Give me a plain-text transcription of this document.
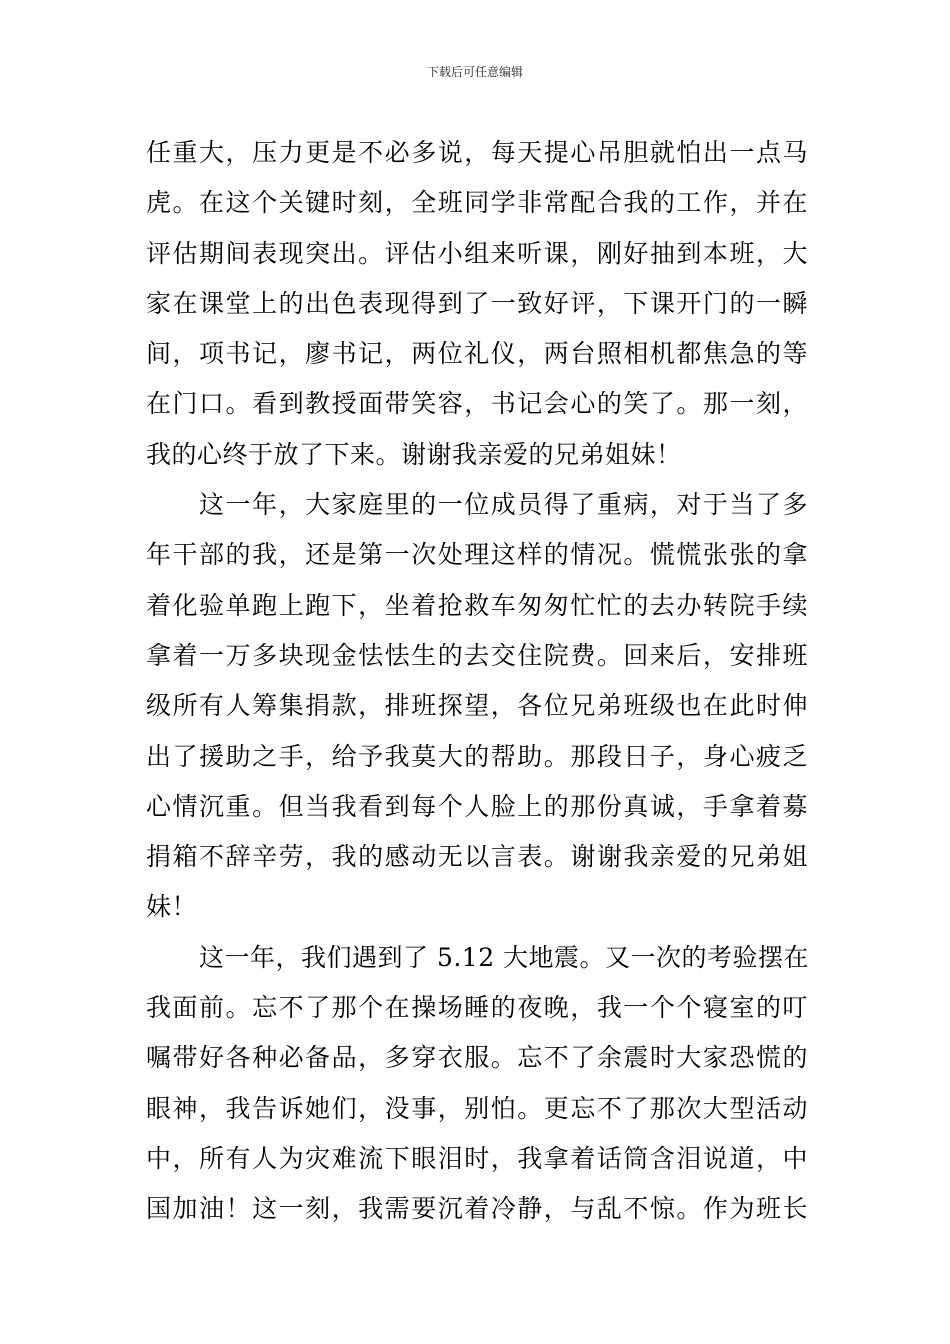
下载后可任意编辑
任重大，压力更是不必多说，每天提心吊胆就怕出一点马
虎。在这个关键时刻，全班同学非常配合我的工作，并在
评估期间表现突出。评估小组来听课，刚好抽到本班，大
家在课堂上的出色表现得到了一致好评，下课开门的一瞬
间，项书记，廖书记，两位礼仪，两台照相机都焦急的等
在门口。看到教授面带笑容，书记会心的笑了。那一刻，
我的心终于放了下来。谢谢我亲爱的兄弟姐妹！
这一年，大家庭里的一位成员得了重病，对于当了多
年干部的我，还是第一次处理这样的情况。慌慌张张的拿
着化验单跑上跑下，坐着抢救车匆匆忙忙的去办转院手续
拿着一万多块现金怯怯生的去交住院费。回来后，安排班
级所有人筹集捐款，排班探望，各位兄弟班级也在此时伸
出了援助之手，给予我莫大的帮助。那段日子，身心疲乏
心情沉重。但当我看到每个人脸上的那份真诚，手拿着募
捐箱不辞辛劳，我的感动无以言表。谢谢我亲爱的兄弟姐
妹！
这一年，我们遇到了 5.12 大地震。又一次的考验摆在
我面前。忘不了那个在操场睡的夜晚，我一个个寝室的叮
嘱带好各种必备品，多穿衣服。忘不了余震时大家恐慌的
眼神，我告诉她们，没事，别怕。更忘不了那次大型活动
中，所有人为灾难流下眼泪时，我拿着话筒含泪说道，中
国加油！这一刻，我需要沉着冷静，与乱不惊。作为班长
